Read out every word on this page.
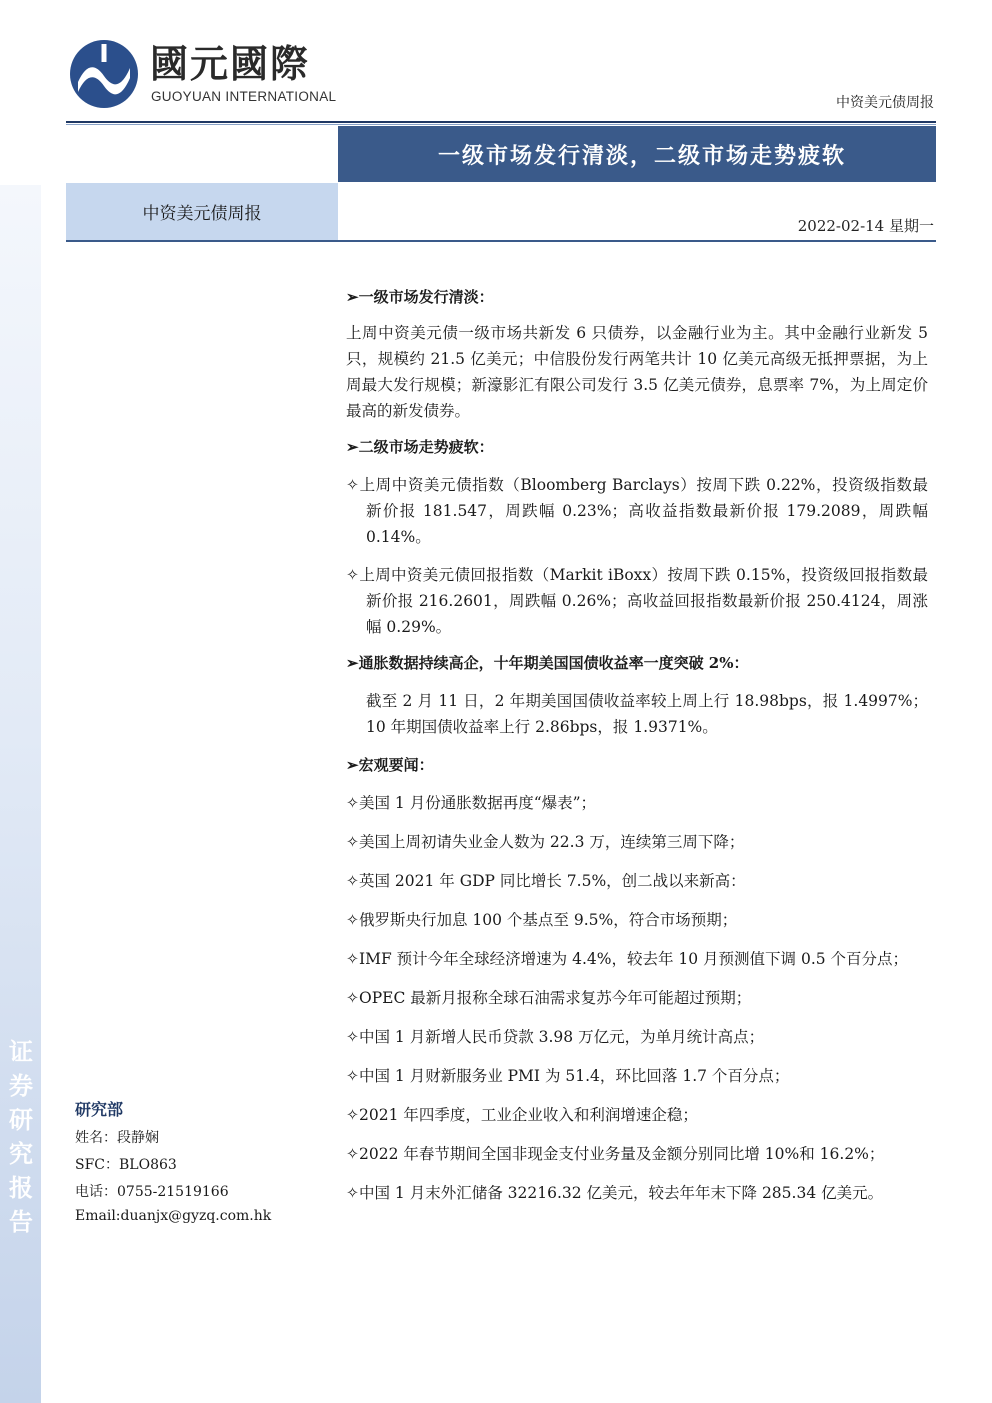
國元國際
GUOYUAN INTERNATIONAL	中资美元债周报
一级市场发行清淡，二级市场走势疲软
中资美元债周报
2022-02-14 星期一
证券研究报告
研究部
姓名：段静娴
SFC：BLO863
电话：0755-21519166
Email:duanjx@gyzq.com.hk

➢一级市场发行清淡：

上周中资美元债一级市场共新发 6 只债券，以金融行业为主。其中金融行业新发 5 只，规模约 21.5 亿美元；中信股份发行两笔共计 10 亿美元高级无抵押票据，为上周最大发行规模；新濠影汇有限公司发行 3.5 亿美元债券，息票率 7%，为上周定价最高的新发债券。

➢二级市场走势疲软：

✧上周中资美元债指数（Bloomberg Barclays）按周下跌 0.22%，投资级指数最新价报 181.547，周跌幅 0.23%；高收益指数最新价报 179.2089，周跌幅 0.14%。

✧上周中资美元债回报指数（Markit iBoxx）按周下跌 0.15%，投资级回报指数最新价报 216.2601，周跌幅 0.26%；高收益回报指数最新价报 250.4124，周涨幅 0.29%。

➢通胀数据持续高企，十年期美国国债收益率一度突破 2%：

截至 2 月 11 日，2 年期美国国债收益率较上周上行 18.98bps，报 1.4997%；10 年期国债收益率上行 2.86bps，报 1.9371%。

➢宏观要闻：

✧美国 1 月份通胀数据再度“爆表”；

✧美国上周初请失业金人数为 22.3 万，连续第三周下降；

✧英国 2021 年 GDP 同比增长 7.5%，创二战以来新高：

✧俄罗斯央行加息 100 个基点至 9.5%，符合市场预期；

✧IMF 预计今年全球经济增速为 4.4%，较去年 10 月预测值下调 0.5 个百分点；

✧OPEC 最新月报称全球石油需求复苏今年可能超过预期；

✧中国 1 月新增人民币贷款 3.98 万亿元，为单月统计高点；

✧中国 1 月财新服务业 PMI 为 51.4，环比回落 1.7 个百分点；

✧2021 年四季度，工业企业收入和利润增速企稳；

✧2022 年春节期间全国非现金支付业务量及金额分别同比增 10%和 16.2%；

✧中国 1 月末外汇储备 32216.32 亿美元，较去年年末下降 285.34 亿美元。
